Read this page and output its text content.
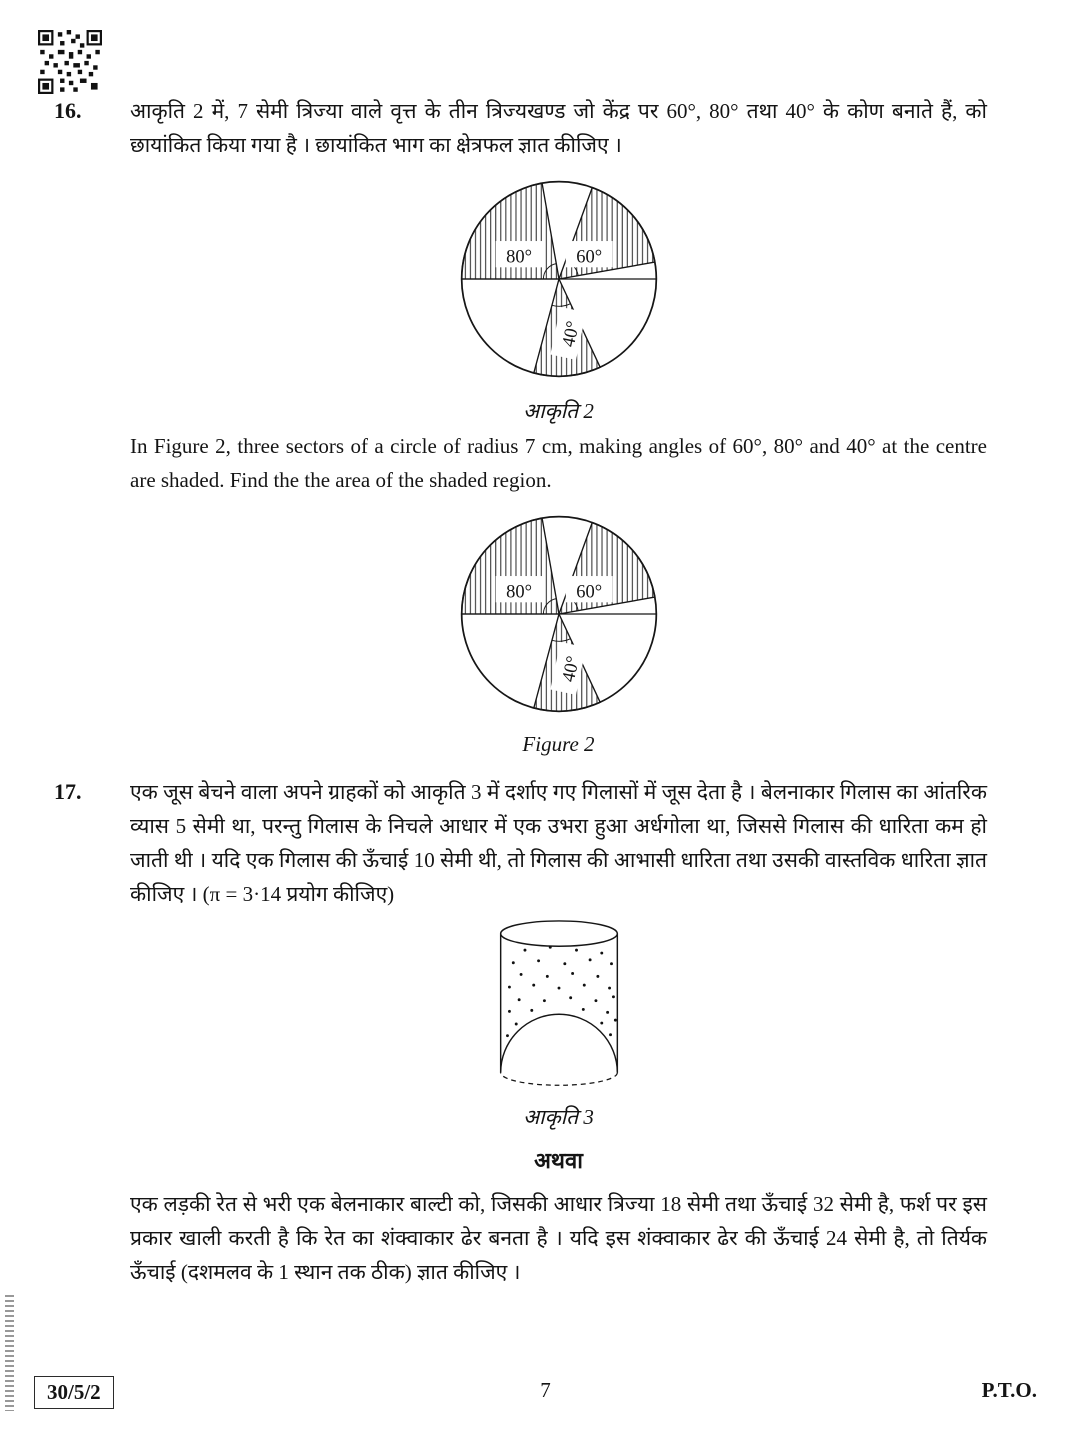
16.	आकृति 2 में, 7 सेमी त्रिज्या वाले वृत्त के तीन त्रिज्यखण्ड जो केंद्र पर 60°, 80° तथा 40° के कोण बनाते हैं, को छायांकित किया गया है । छायांकित भाग का क्षेत्रफल ज्ञात कीजिए ।

80° 60°
40°
आकृति 2

In Figure 2, three sectors of a circle of radius 7 cm, making angles of 60°, 80° and 40° at the centre are shaded. Find the the area of the shaded region.

80° 60°
40°
Figure 2
17.	एक जूस बेचने वाला अपने ग्राहकों को आकृति 3 में दर्शाए गए गिलासों में जूस देता है । बेलनाकार गिलास का आंतरिक व्यास 5 सेमी था, परन्तु गिलास के निचले आधार में एक उभरा हुआ अर्धगोला था, जिससे गिलास की धारिता कम हो जाती थी । यदि एक गिलास की ऊँचाई 10 सेमी थी, तो गिलास की आभासी धारिता तथा उसकी वास्तविक धारिता ज्ञात कीजिए । (π = 3·14 प्रयोग कीजिए)

आकृति 3

अथवा

एक लड़की रेत से भरी एक बेलनाकार बाल्टी को, जिसकी आधार त्रिज्या 18 सेमी तथा ऊँचाई 32 सेमी है, फर्श पर इस प्रकार खाली करती है कि रेत का शंक्वाकार ढेर बनता है । यदि इस शंक्वाकार ढेर की ऊँचाई 24 सेमी है, तो तिर्यक ऊँचाई (दशमलव के 1 स्थान तक ठीक) ज्ञात कीजिए ।

30/5/2	7	P.T.O.
